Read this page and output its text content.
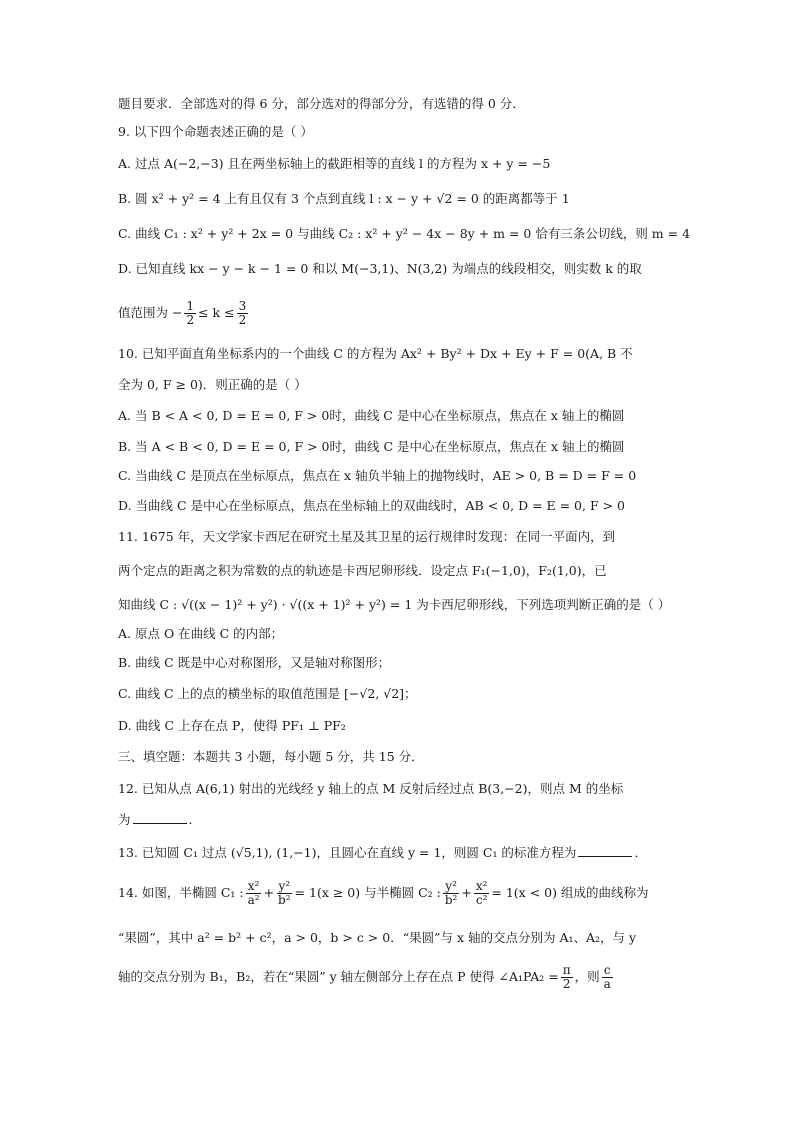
题目要求．全部选对的得 6 分，部分选对的得部分分，有选错的得 0 分．
9. 以下四个命题表述正确的是（ ）
A. 过点 A(−2,−3) 且在两坐标轴上的截距相等的直线 l 的方程为 x + y = −5
B. 圆 x² + y² = 4 上有且仅有 3 个点到直线 l : x − y + √2 = 0 的距离都等于 1
C. 曲线 C₁ : x² + y² + 2x = 0 与曲线 C₂ : x² + y² − 4x − 8y + m = 0 恰有三条公切线，则 m = 4
D. 已知直线 kx − y − k − 1 = 0 和以 M(−3,1)、N(3,2) 为端点的线段相交，则实数 k 的取
值范围为 − $\frac{1}{2} \le k \le \frac{3}{2}$
10. 已知平面直角坐标系内的一个曲线 C 的方程为 Ax² + By² + Dx + Ey + F = 0(A, B 不
全为 0, F ≥ 0)．则正确的是（ ）
A. 当 B < A < 0, D = E = 0, F > 0时，曲线 C 是中心在坐标原点，焦点在 x 轴上的椭圆
B. 当 A < B < 0, D = E = 0, F > 0时，曲线 C 是中心在坐标原点，焦点在 x 轴上的椭圆
C. 当曲线 C 是顶点在坐标原点，焦点在 x 轴负半轴上的抛物线时，AE > 0, B = D = F = 0
D. 当曲线 C 是中心在坐标原点，焦点在坐标轴上的双曲线时，AB < 0, D = E = 0, F > 0
11. 1675 年，天文学家卡西尼在研究土星及其卫星的运行规律时发现：在同一平面内，到
两个定点的距离之积为常数的点的轨迹是卡西尼卵形线．设定点 F₁(−1,0)，F₂(1,0)，已
知曲线 C : √((x − 1)² + y²) · √((x + 1)² + y²) = 1 为卡西尼卵形线，下列选项判断正确的是（ ）
A. 原点 O 在曲线 C 的内部；
B. 曲线 C 既是中心对称图形，又是轴对称图形；
C. 曲线 C 上的点的横坐标的取值范围是 [−√2, √2]；
D. 曲线 C 上存在点 P，使得 PF₁ ⊥ PF₂
三、填空题：本题共 3 小题，每小题 5 分，共 15 分．
12. 已知从点 A(6,1) 射出的光线经 y 轴上的点 M 反射后经过点 B(3,−2)，则点 M 的坐标
为	．
13. 已知圆 C₁ 过点 (√5,1), (1,−1)，且圆心在直线 y = 1，则圆 C₁ 的标准方程为	．
14. 如图，半椭圆 C₁ : $\frac{\text{x²}}{\text{a²}} + \frac{\text{y²}}{\text{b²}} = 1(x \ge 0)$ 与半椭圆 C₂ : $\frac{\text{y²}}{\text{b²}} + \frac{\text{x²}}{\text{c²}} = 1(x < 0)$ 组成的曲线称为
“果圆”，其中 a² = b² + c²，a > 0，b > c > 0．“果圆”与 x 轴的交点分别为 A₁、A₂，与 y
轴的交点分别为 B₁，B₂，若在“果圆” y 轴左侧部分上存在点 P 使得 ∠A₁PA₂ = $\frac{\pi}{2}$ ，则 $\frac{c}{a}$
